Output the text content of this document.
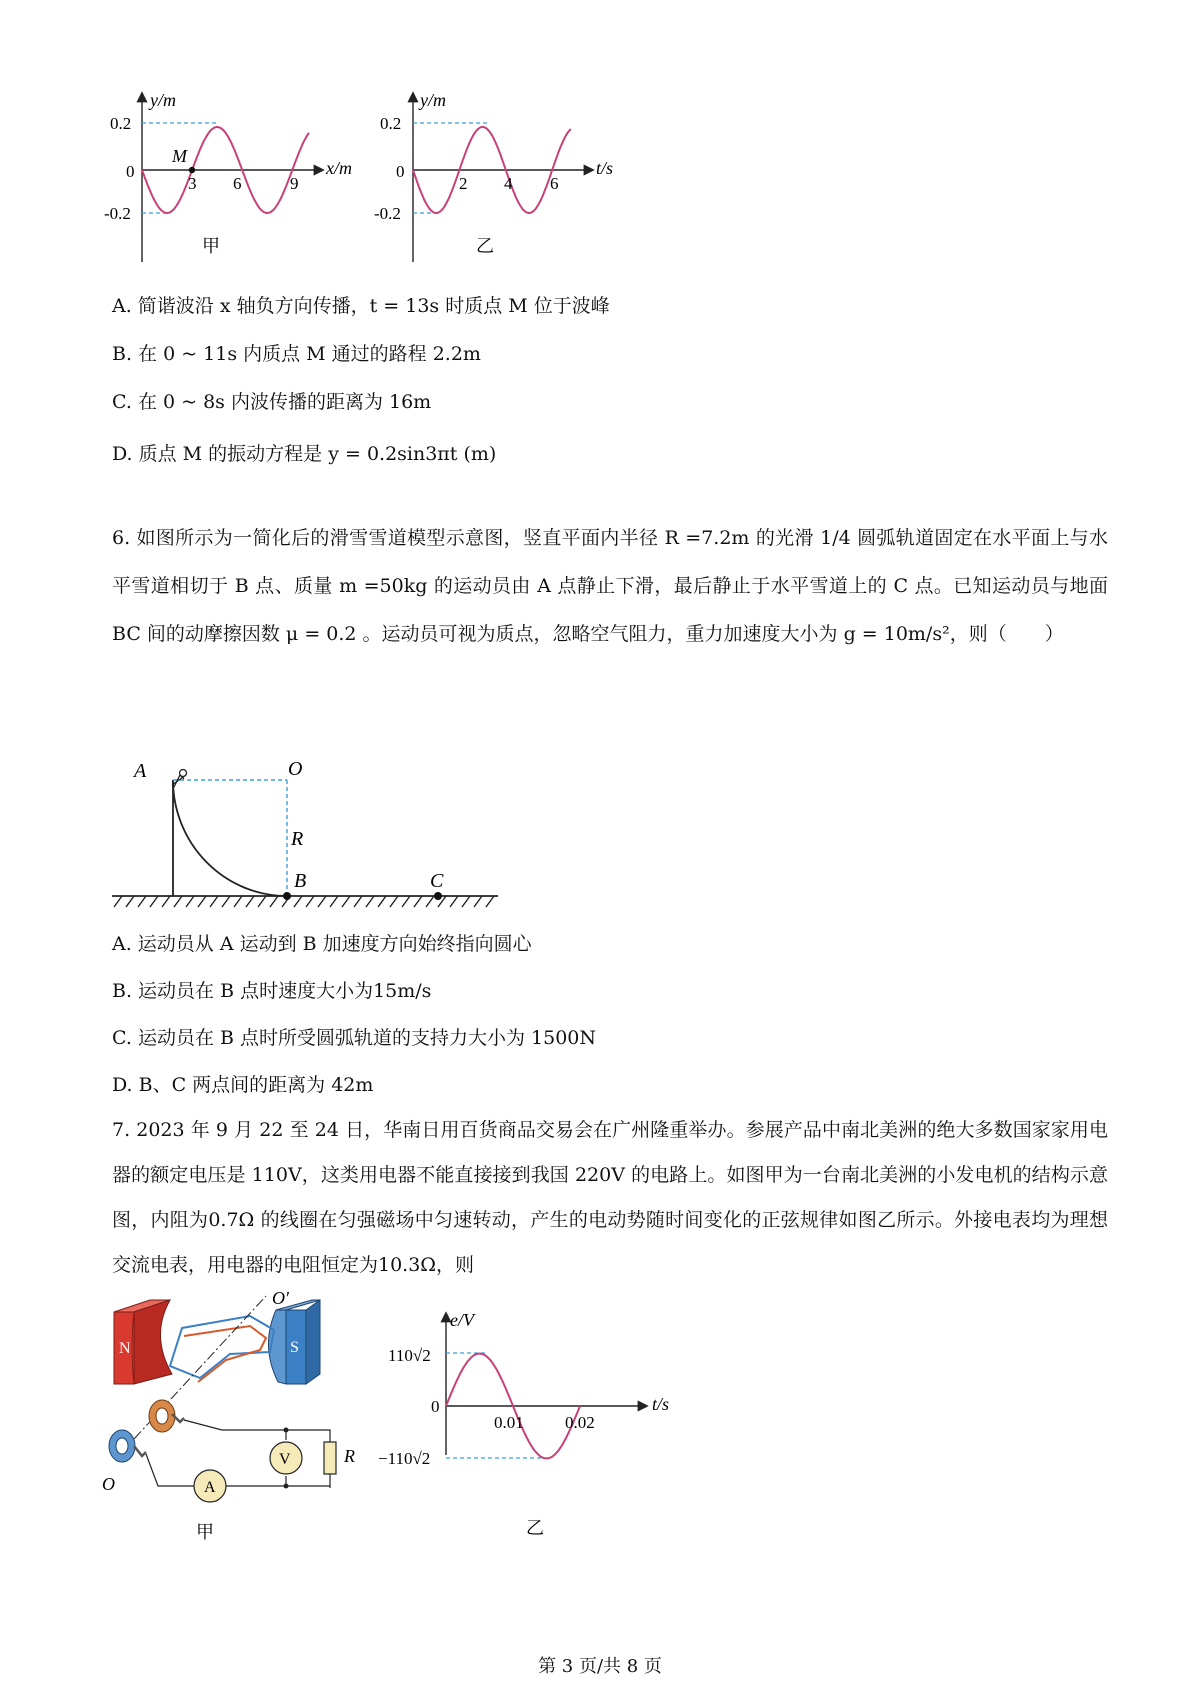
y/m
x/m
0.2
0
-0.2
3 6	9
M
甲
y/m
t/s
0.2
0
-0.2
2 4 6
乙
A. 简谐波沿 x 轴负方向传播，t = 13s 时质点 M 位于波峰
B. 在 0 ~ 11s 内质点 M 通过的路程 2.2m
C. 在 0 ~ 8s 内波传播的距离为 16m
D. 质点 M 的振动方程是 y = 0.2sin3πt (m)
6. 如图所示为一简化后的滑雪雪道模型示意图，竖直平面内半径 R =7.2m 的光滑 1/4 圆弧轨道固定在水平面上与水平雪道相切于 B 点、质量 m =50kg 的运动员由 A 点静止下滑，最后静止于水平雪道上的 C 点。已知运动员与地面 BC 间的动摩擦因数 μ = 0.2 。运动员可视为质点，忽略空气阻力，重力加速度大小为 g = 10m/s²，则（　　）
A	O
R
B	C
A. 运动员从 A 运动到 B 加速度方向始终指向圆心
B. 运动员在 B 点时速度大小为15m/s
C. 运动员在 B 点时所受圆弧轨道的支持力大小为 1500N
D. B、C 两点间的距离为 42m
7. 2023 年 9 月 22 至 24 日，华南日用百货商品交易会在广州隆重举办。参展产品中南北美洲的绝大多数国家家用电器的额定电压是 110V，这类用电器不能直接接到我国 220V 的电路上。如图甲为一台南北美洲的小发电机的结构示意图，内阻为0.7Ω 的线圈在匀强磁场中匀速转动，产生的电动势随时间变化的正弦规律如图乙所示。外接电表均为理想交流电表，用电器的电阻恒定为10.3Ω，则
N	S
V	R
A
O′
O
甲
e/V
t/s
110√2
0
−110√2
0.01 0.02
乙
第 3 页/共 8 页
